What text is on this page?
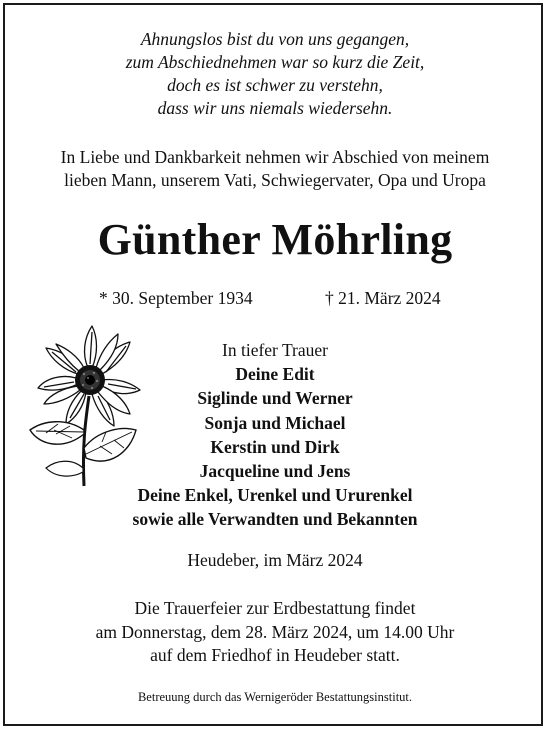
Ahnungslos bist du von uns gegangen,
zum Abschiednehmen war so kurz die Zeit,
doch es ist schwer zu verstehn,
dass wir uns niemals wiedersehn.
In Liebe und Dankbarkeit nehmen wir Abschied von meinem
lieben Mann, unserem Vati, Schwiegervater, Opa und Uropa
Günther Möhrling
* 30. September 1934	† 21. März 2024
In tiefer Trauer
Deine Edit
Siglinde und Werner
Sonja und Michael
Kerstin und Dirk
Jacqueline und Jens
Deine Enkel, Urenkel und Ururenkel
sowie alle Verwandten und Bekannten
Heudeber, im März 2024
Die Trauerfeier zur Erdbestattung findet
am Donnerstag, dem 28. März 2024, um 14.00 Uhr
auf dem Friedhof in Heudeber statt.
Betreuung durch das Wernigeröder Bestattungsinstitut.
